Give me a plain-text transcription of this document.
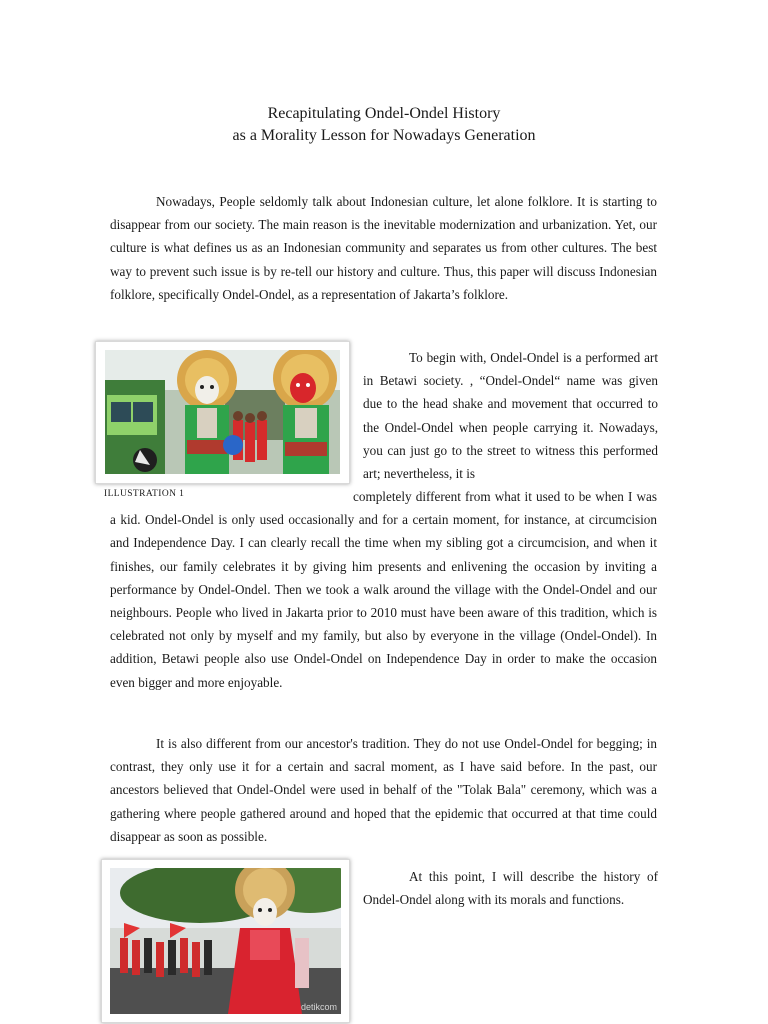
Recapitulating Ondel-Ondel History
as a Morality Lesson for Nowadays Generation

Nowadays, People seldomly talk about Indonesian culture, let alone folklore. It is starting to disappear from our society. The main reason is the inevitable modernization and urbanization. Yet, our culture is what defines us as an Indonesian community and separates us from other cultures. The best way to prevent such issue is by re-tell our history and culture. Thus, this paper will discuss Indonesian folklore, specifically Ondel-Ondel, as a representation of Jakarta’s folklore.

ILLUSTRATION 1

To begin with, Ondel-Ondel is a performed art in Betawi society. , “Ondel-Ondel“ name was given due to the head shake and movement that occurred to the Ondel-Ondel when people carrying it. Nowadays, you can just go to the street to witness this performed art; nevertheless, it is

completely different from what it used to be when I was a kid. Ondel-Ondel is only used occasionally and for a certain moment, for instance, at circumcision and Independence Day. I can clearly recall the time when my sibling got a circumcision, and when it finishes, our family celebrates it by giving him presents and enlivening the occasion by inviting a performance by Ondel-Ondel. Then we took a walk around the village with the Ondel-Ondel and our neighbours. People who lived in Jakarta prior to 2010 must have been aware of this tradition, which is celebrated not only by myself and my family, but also by everyone in the village (Ondel-Ondel). In addition, Betawi people also use Ondel-Ondel on Independence Day in order to make the occasion even bigger and more enjoyable.

It is also different from our ancestor's tradition. They do not use Ondel-Ondel for begging; in contrast, they only use it for a certain and sacral moment, as I have said before. In the past, our ancestors believed that Ondel-Ondel were used in behalf of the "Tolak Bala" ceremony, which was a gathering where people gathered around and hoped that the epidemic that occurred at that time could disappear as soon as possible.

detikcom

At this point, I will describe the history of Ondel-Ondel along with its morals and functions.
